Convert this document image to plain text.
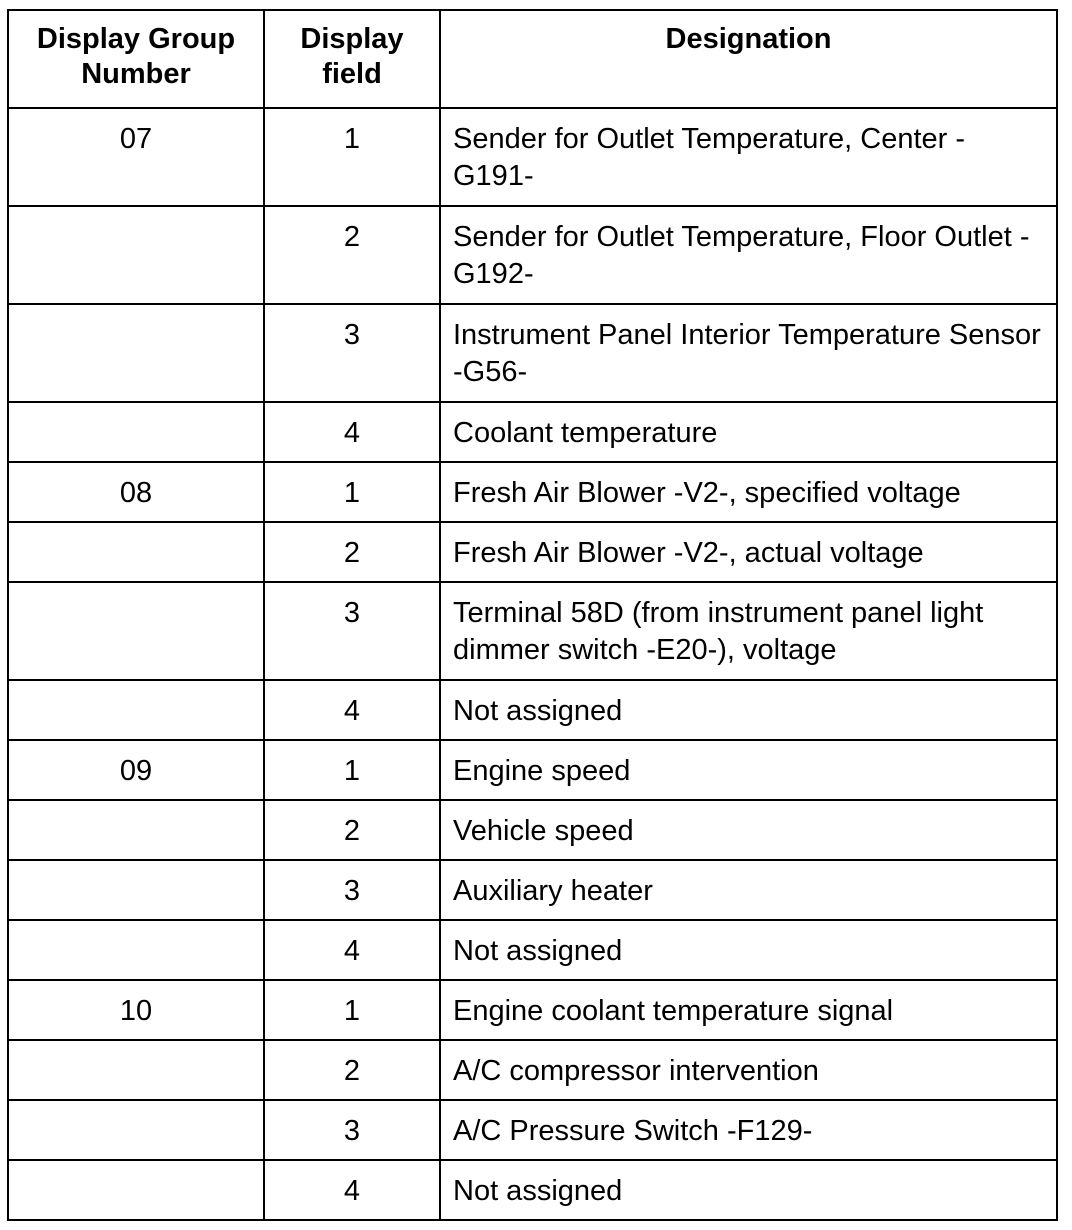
Display Group Number	Display field	Designation
07	1	Sender for Outlet Temperature, Center -G191-
	2	Sender for Outlet Temperature, Floor Outlet -G192-
	3	Instrument Panel Interior Temperature Sensor -G56-
	4	Coolant temperature
08	1	Fresh Air Blower -V2-, specified voltage
	2	Fresh Air Blower -V2-, actual voltage
	3	Terminal 58D (from instrument panel light dimmer switch -E20-), voltage
	4	Not assigned
09	1	Engine speed
	2	Vehicle speed
	3	Auxiliary heater
	4	Not assigned
10	1	Engine coolant temperature signal
	2	A/C compressor intervention
	3	A/C Pressure Switch -F129-
	4	Not assigned
